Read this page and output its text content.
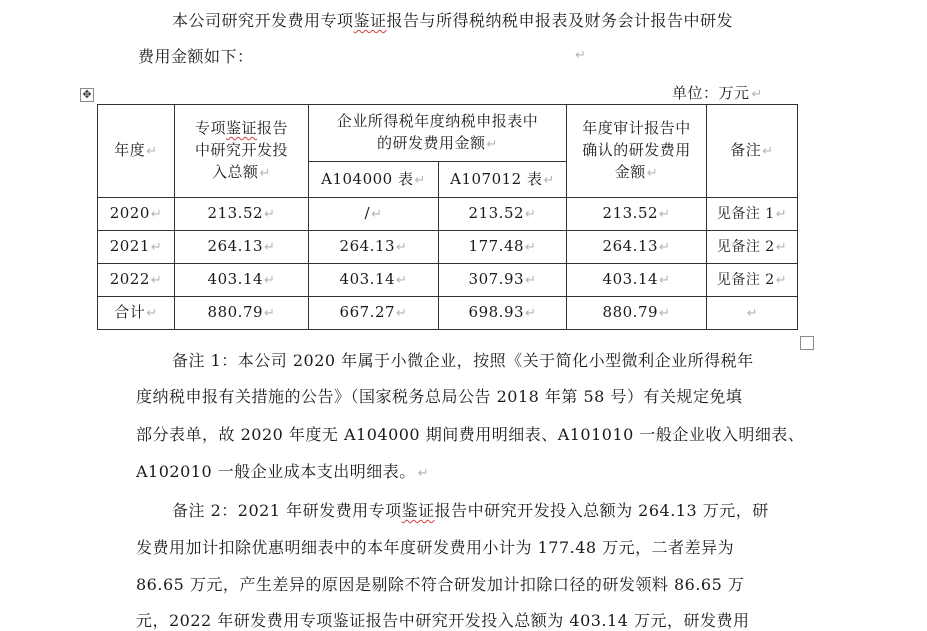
本公司研究开发费用专项鉴证报告与所得税纳税申报表及财务会计报告中研发
费用金额如下：	↵
单位：万元 ↵
✥
年度↵	专项鉴证报告
中研究开发投
入总额↵	企业所得税年度纳税申报表中
的研发费用金额↵		年度审计报告中
确认的研发费用
金额↵	备注↵
		A104000 表↵	A107012 表↵		
2020↵	213.52↵	/↵	213.52↵	213.52↵	见备注 1↵
2021↵	264.13↵	264.13↵	177.48↵	264.13↵	见备注 2↵
2022↵	403.14↵	403.14↵	307.93↵	403.14↵	见备注 2↵
合计↵	880.79↵	667.27↵	698.93↵	880.79↵	↵
备注 1：本公司 2020 年属于小微企业，按照《关于简化小型微利企业所得税年
度纳税申报有关措施的公告》（国家税务总局公告 2018 年第 58 号）有关规定免填
部分表单，故 2020 年度无 A104000 期间费用明细表、A101010 一般企业收入明细表、
A102010 一般企业成本支出明细表。 ↵
备注 2：2021 年研发费用专项鉴证报告中研究开发投入总额为 264.13 万元，研
发费用加计扣除优惠明细表中的本年度研发费用小计为 177.48 万元，二者差异为
86.65 万元，产生差异的原因是剔除不符合研发加计扣除口径的研发领料 86.65 万
元，2022 年研发费用专项鉴证报告中研究开发投入总额为 403.14 万元，研发费用
